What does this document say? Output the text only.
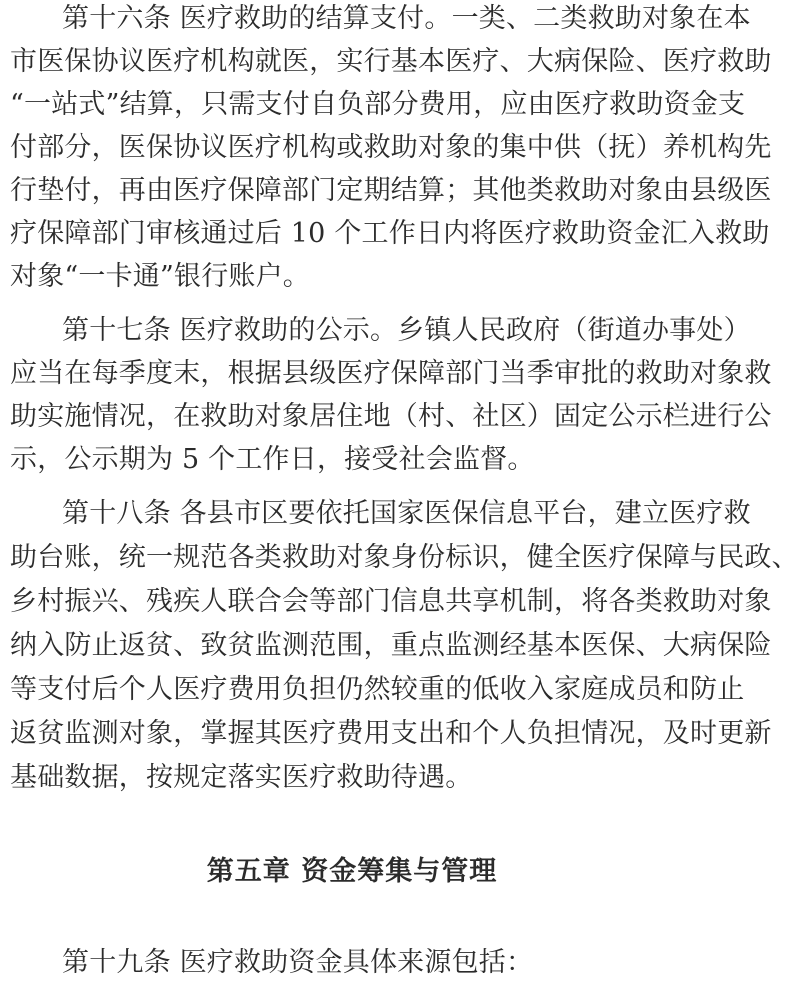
第十六条 医疗救助的结算支付。一类、二类救助对象在本
市医保协议医疗机构就医，实行基本医疗、大病保险、医疗救助
“一站式”结算，只需支付自负部分费用，应由医疗救助资金支
付部分，医保协议医疗机构或救助对象的集中供（抚）养机构先
行垫付，再由医疗保障部门定期结算；其他类救助对象由县级医
疗保障部门审核通过后 10 个工作日内将医疗救助资金汇入救助
对象“一卡通”银行账户。
第十七条 医疗救助的公示。乡镇人民政府（街道办事处）
应当在每季度末，根据县级医疗保障部门当季审批的救助对象救
助实施情况，在救助对象居住地（村、社区）固定公示栏进行公
示，公示期为 5 个工作日，接受社会监督。
第十八条 各县市区要依托国家医保信息平台，建立医疗救
助台账，统一规范各类救助对象身份标识，健全医疗保障与民政、
乡村振兴、残疾人联合会等部门信息共享机制，将各类救助对象
纳入防止返贫、致贫监测范围，重点监测经基本医保、大病保险
等支付后个人医疗费用负担仍然较重的低收入家庭成员和防止
返贫监测对象，掌握其医疗费用支出和个人负担情况，及时更新
基础数据，按规定落实医疗救助待遇。
第五章 资金筹集与管理
第十九条 医疗救助资金具体来源包括：
